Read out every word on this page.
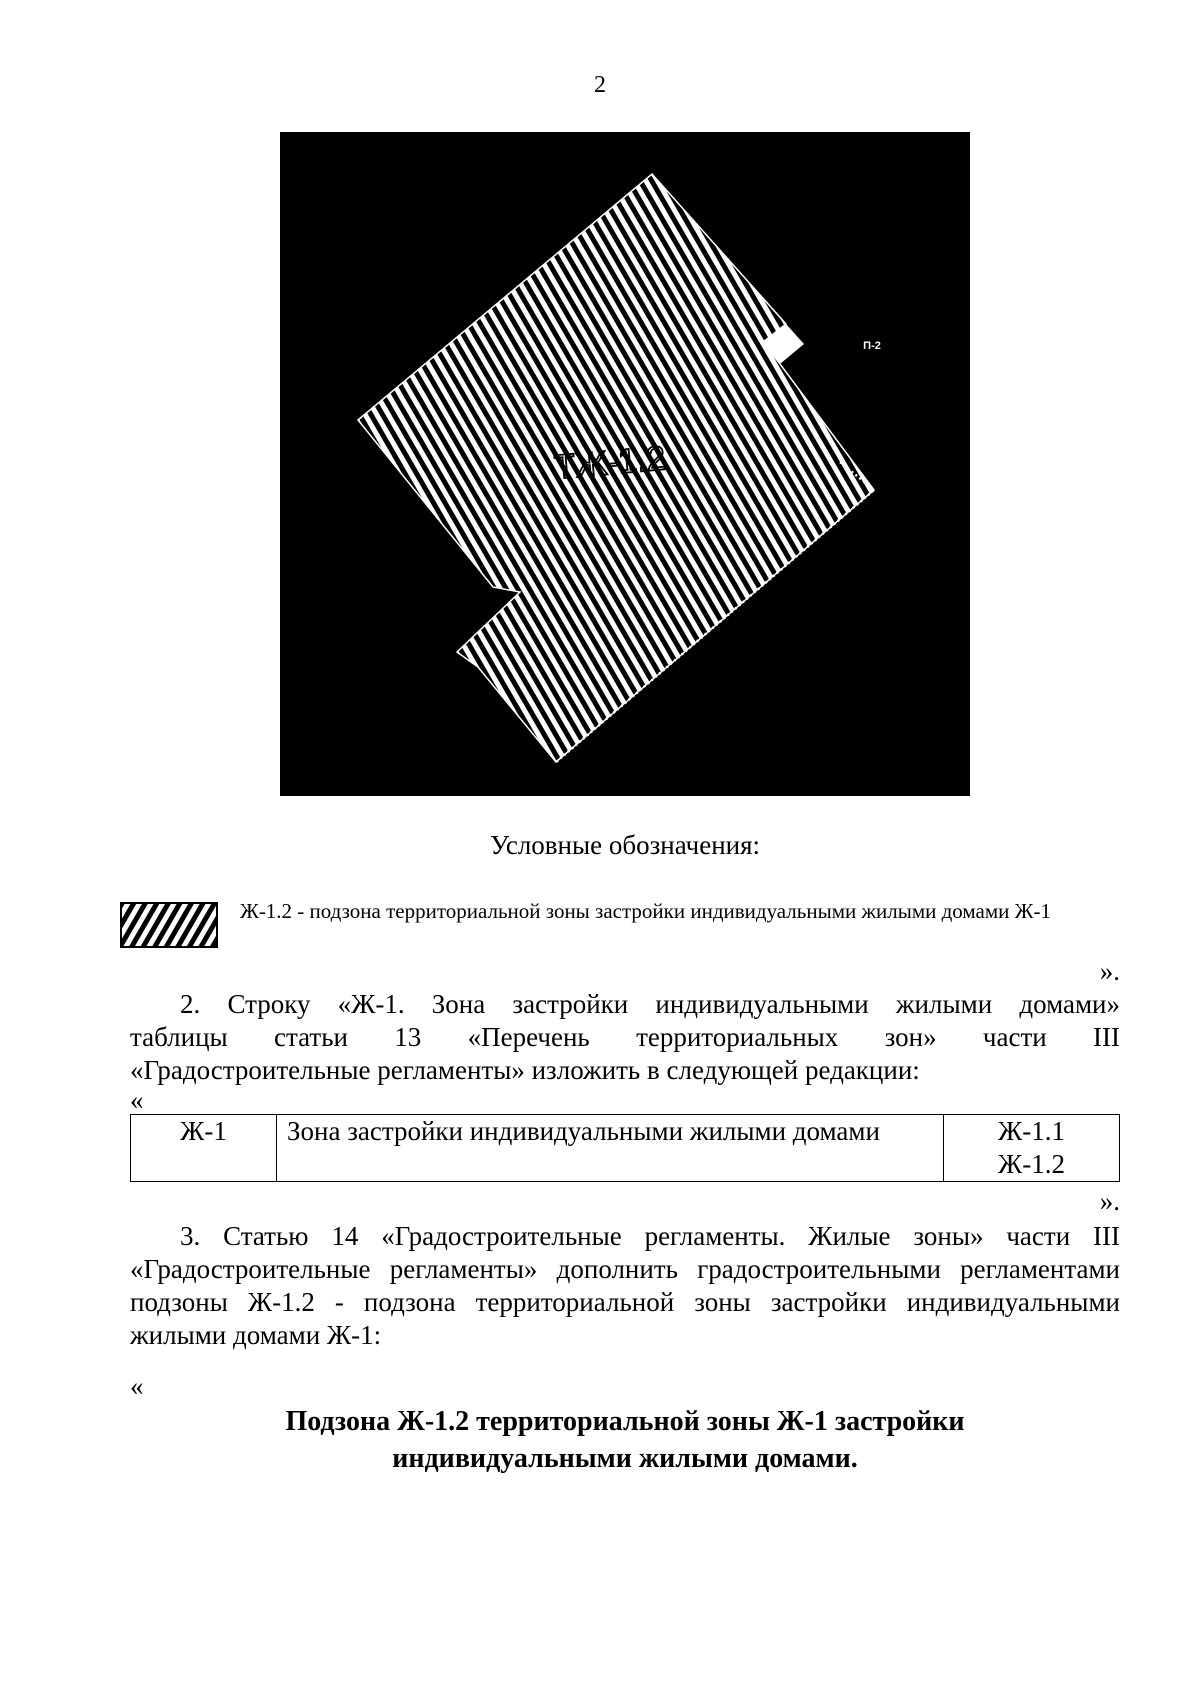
2
ТЖ-1.2
П-2
Условные обозначения:
Ж-1.2 - подзона территориальной зоны застройки индивидуальными жилыми домами Ж-1
».
2. Строку «Ж-1. Зона застройки индивидуальными жилыми домами»
таблицы статьи 13 «Перечень территориальных зон» части III
«Градостроительные регламенты» изложить в следующей редакции:
«
Ж-1	Зона застройки индивидуальными жилыми домами	Ж-1.1
Ж-1.2
».
3. Статью 14 «Градостроительные регламенты. Жилые зоны» части III
«Градостроительные регламенты» дополнить градостроительными регламентами
подзоны Ж-1.2 - подзона территориальной зоны застройки индивидуальными
жилыми домами Ж-1:
«
Подзона Ж-1.2 территориальной зоны Ж-1 застройки
индивидуальными жилыми домами.
